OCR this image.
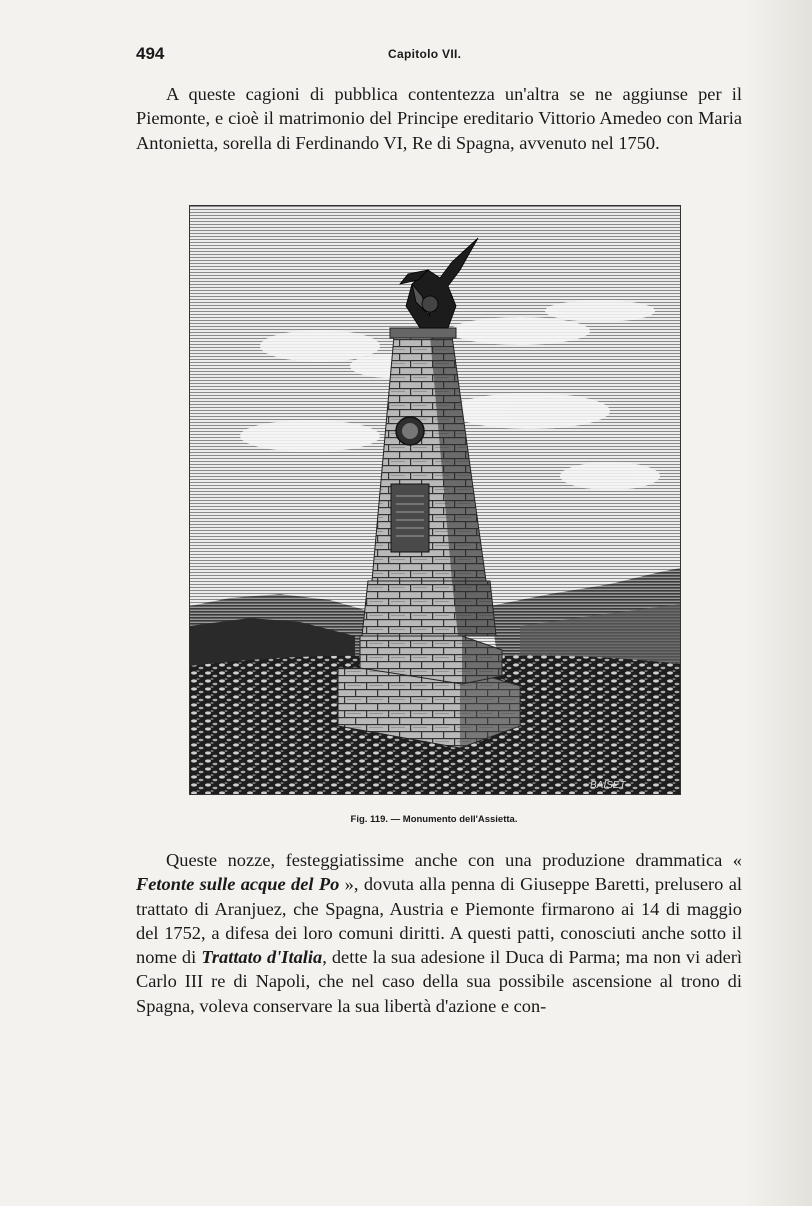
494	Capitolo VII.

A queste cagioni di pubblica contentezza un'altra se ne aggiunse per il Piemonte, e cioè il matrimonio del Principe ereditario Vittorio Amedeo con Maria Antonietta, sorella di Ferdinando VI, Re di Spagna, avvenuto nel 1750.

BAISET
Fig. 119. — Monumento dell'Assietta.

Queste nozze, festeggiatissime anche con una produzione drammatica « Fetonte sulle acque del Po », dovuta alla penna di Giuseppe Baretti, prelusero al trattato di Aranjuez, che Spagna, Austria e Piemonte firmarono ai 14 di maggio del 1752, a difesa dei loro comuni diritti. A questi patti, conosciuti anche sotto il nome di Trattato d'Italia, dette la sua adesione il Duca di Parma; ma non vi aderì Carlo III re di Napoli, che nel caso della sua possibile ascensione al trono di Spagna, voleva conservare la sua libertà d'azione e con-
